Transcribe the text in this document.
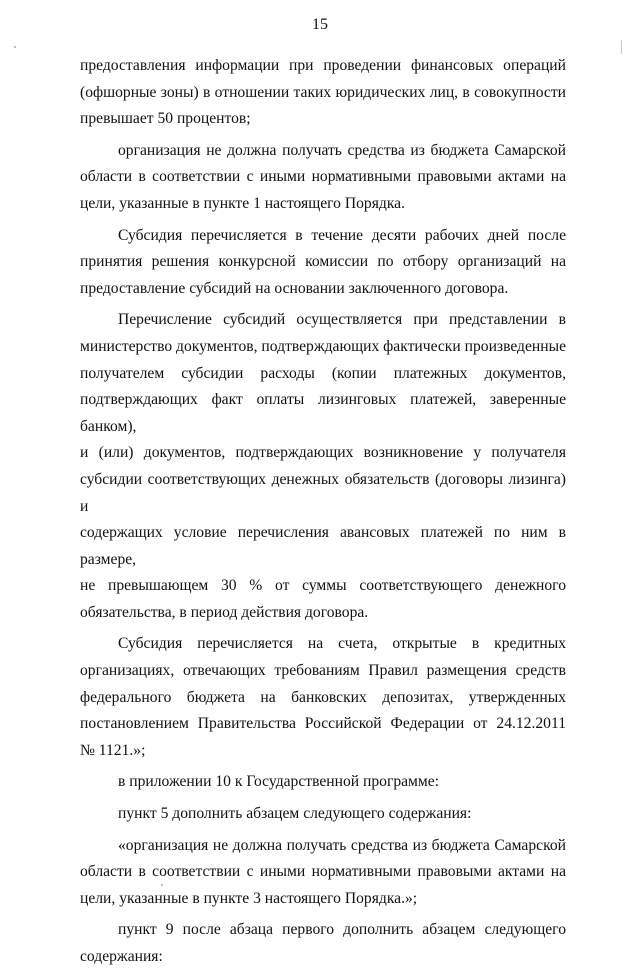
15

предоставления информации при проведении финансовых операций
(офшорные зоны) в отношении таких юридических лиц, в совокупности
превышает 50 процентов;

организация не должна получать средства из бюджета Самарской
области в соответствии с иными нормативными правовыми актами на
цели, указанные в пункте 1 настоящего Порядка.

Субсидия перечисляется в течение десяти рабочих дней после
принятия решения конкурсной комиссии по отбору организаций на
предоставление субсидий на основании заключенного договора.

Перечисление субсидий осуществляется при представлении в
министерство документов, подтверждающих фактически произведенные
получателем субсидии расходы (копии платежных документов,
подтверждающих факт оплаты лизинговых платежей, заверенные банком),
и (или) документов, подтверждающих возникновение у получателя
субсидии соответствующих денежных обязательств (договоры лизинга) и
содержащих условие перечисления авансовых платежей по ним в размере,
не превышающем 30 % от суммы соответствующего денежного
обязательства, в период действия договора.

Субсидия перечисляется на счета, открытые в кредитных
организациях, отвечающих требованиям Правил размещения средств
федерального бюджета на банковских депозитах, утвержденных
постановлением Правительства Российской Федерации от 24.12.2011
№ 1121.»;

в приложении 10 к Государственной программе:

пункт 5 дополнить абзацем следующего содержания:

«организация не должна получать средства из бюджета Самарской
области в соответствии с иными нормативными правовыми актами на
цели, указанные в пункте 3 настоящего Порядка.»;

пункт 9 после абзаца первого дополнить абзацем следующего
содержания:
